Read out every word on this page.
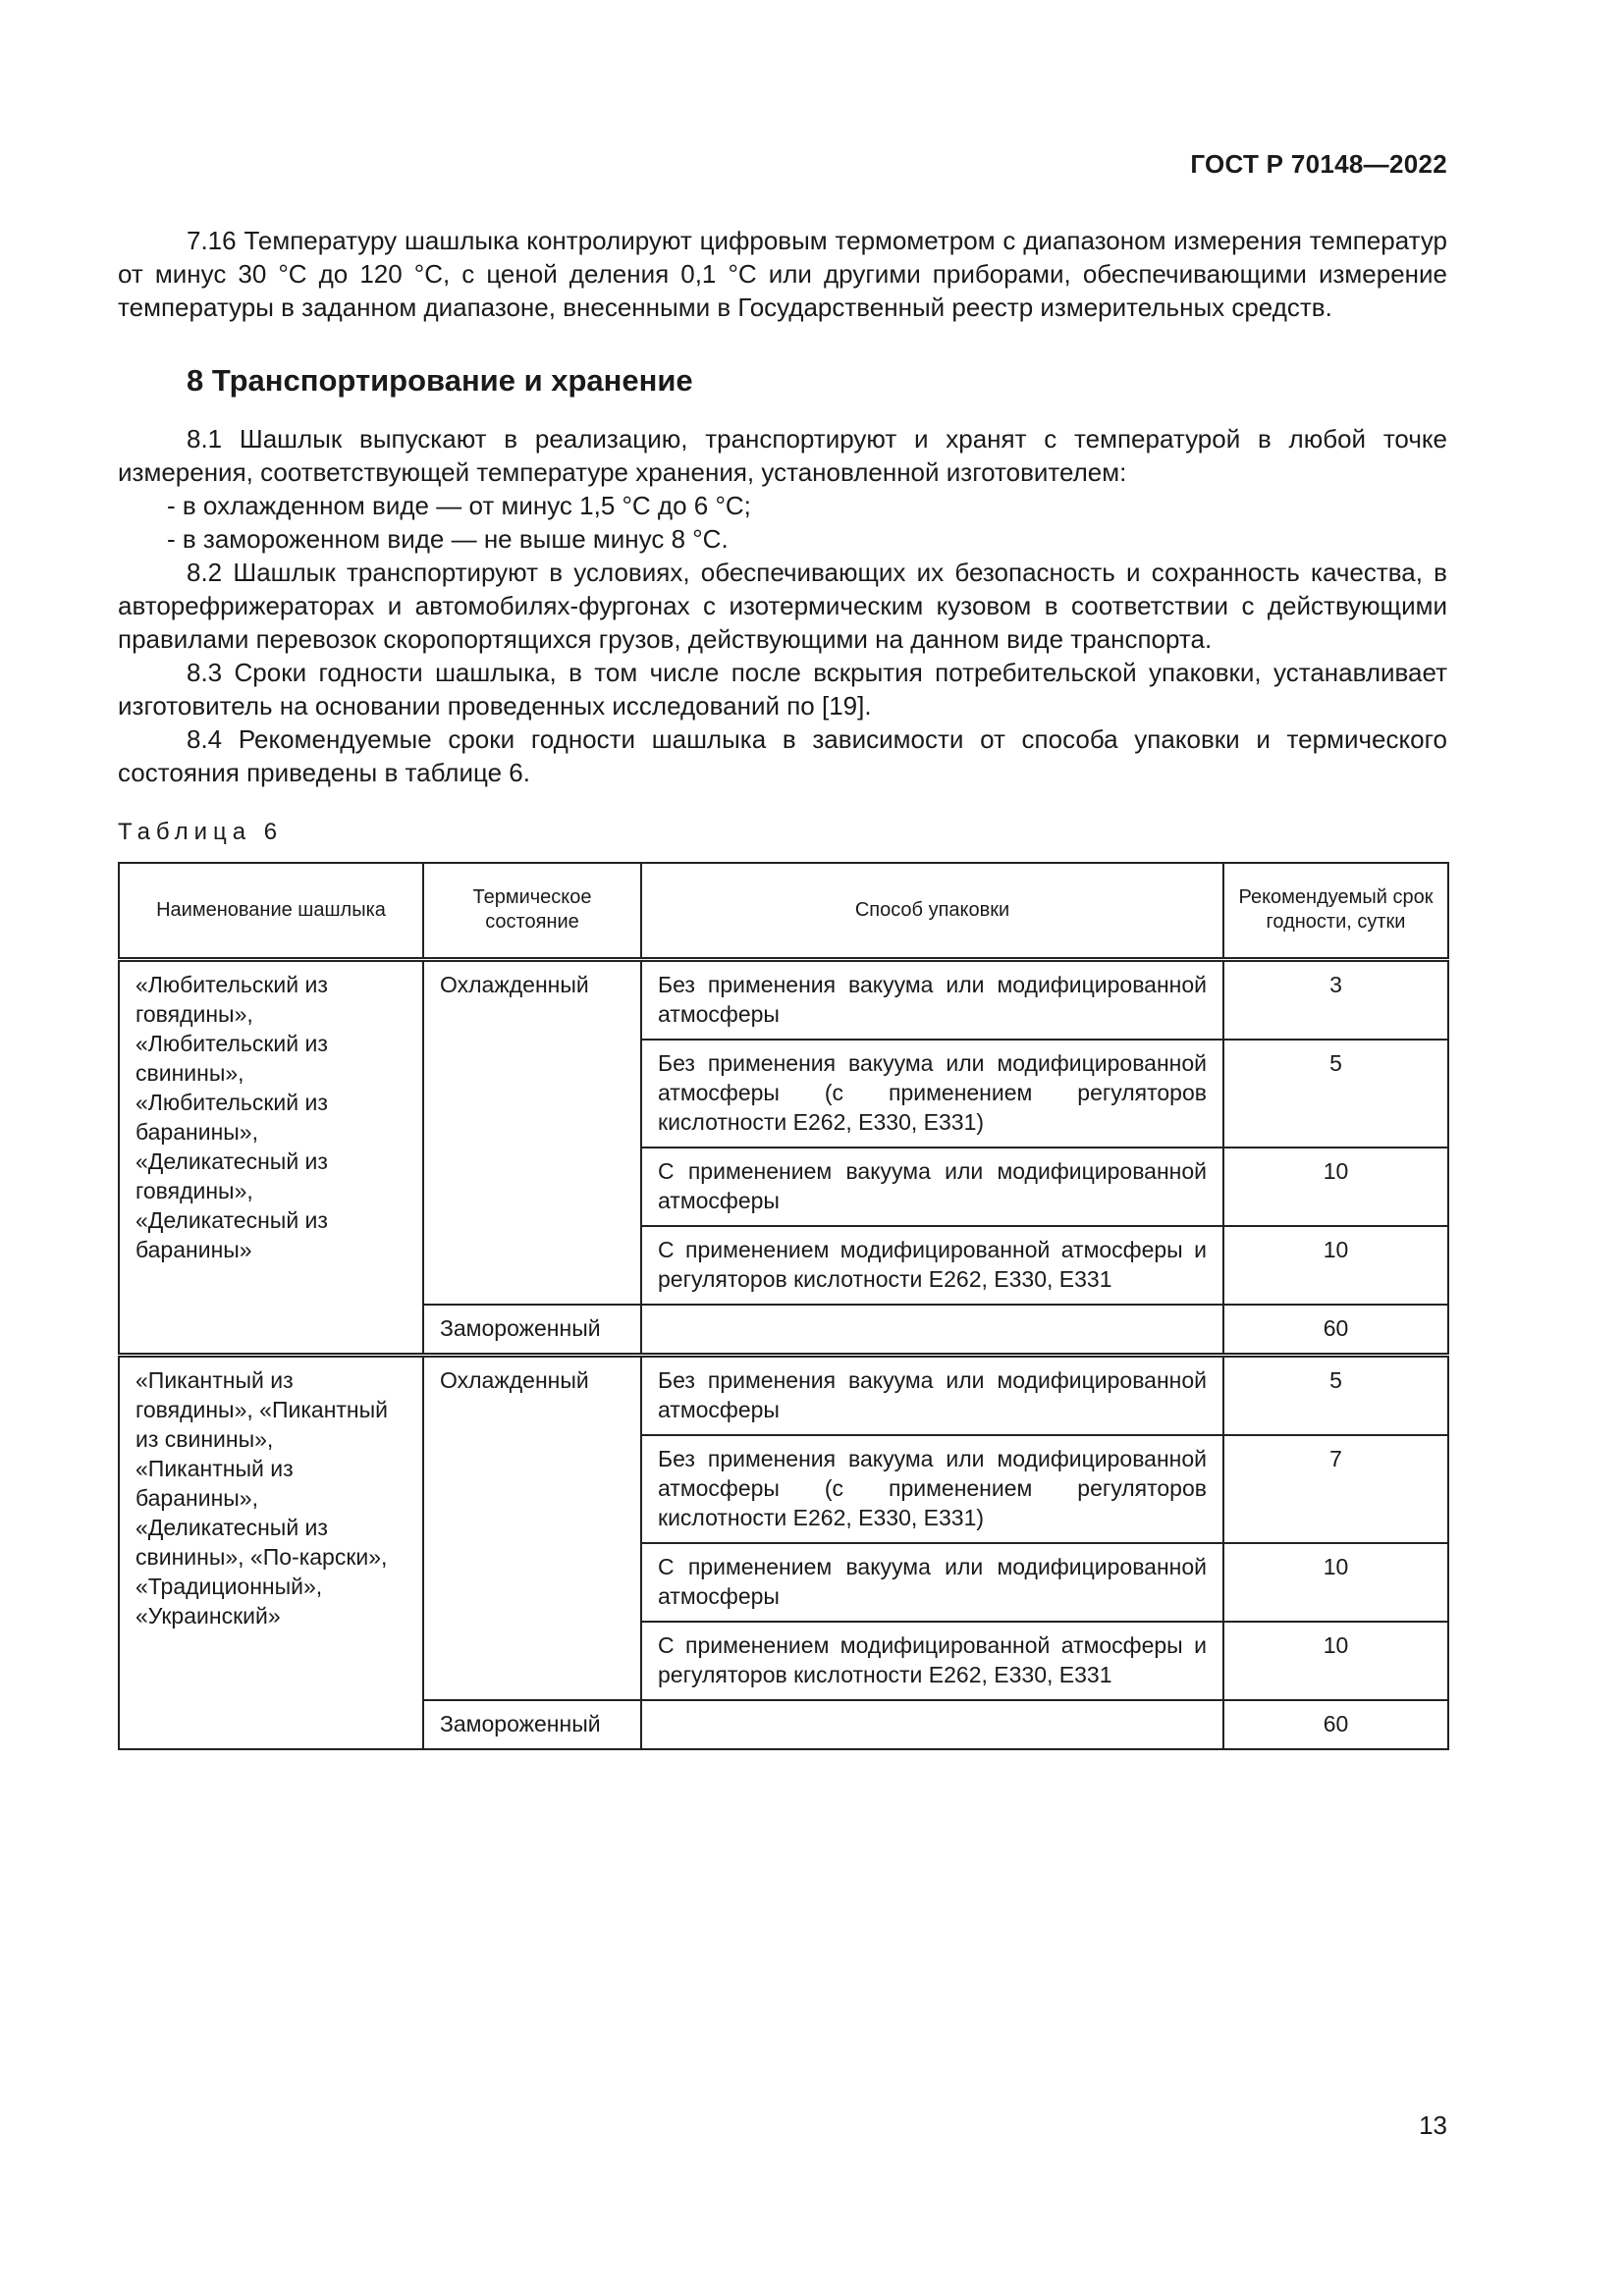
ГОСТ Р 70148—2022

7.16 Температуру шашлыка контролируют цифровым термометром с диапазоном измерения температур от минус 30 °С до 120 °С, с ценой деления 0,1 °С или другими приборами, обеспечивающими измерение температуры в заданном диапазоне, внесенными в Государственный реестр измерительных средств.

8 Транспортирование и хранение

8.1 Шашлык выпускают в реализацию, транспортируют и хранят с температурой в любой точке измерения, соответствующей температуре хранения, установленной изготовителем:

- в охлажденном виде — от минус 1,5 °С до 6 °С;

- в замороженном виде — не выше минус 8 °С.

8.2 Шашлык транспортируют в условиях, обеспечивающих их безопасность и сохранность качества, в авторефрижераторах и автомобилях-фургонах с изотермическим кузовом в соответствии с действующими правилами перевозок скоропортящихся грузов, действующими на данном виде транспорта.

8.3 Сроки годности шашлыка, в том числе после вскрытия потребительской упаковки, устанавливает изготовитель на основании проведенных исследований по [19].

8.4 Рекомендуемые сроки годности шашлыка в зависимости от способа упаковки и термического состояния приведены в таблице 6.

Таблица 6
Наименование шашлыка	Термическое состояние	Способ упаковки	Рекомендуемый срок годности, сутки
«Любительский из говядины», «Любительский из свинины», «Любительский из баранины», «Деликатесный из говядины», «Деликатесный из баранины»	Охлажденный	Без применения вакуума или модифицированной атмосферы	3
		Без применения вакуума или модифицированной атмосферы (с применением регуляторов кислотности Е262, Е330, Е331)	5
		С применением вакуума или модифицированной атмосферы	10
		С применением модифицированной атмосферы и регуляторов кислотности Е262, Е330, Е331	10
	Замороженный		60
«Пикантный из говядины», «Пикантный из свинины», «Пикантный из баранины», «Деликатесный из свинины», «По-карски», «Традиционный», «Украинский»	Охлажденный	Без применения вакуума или модифицированной атмосферы	5
		Без применения вакуума или модифицированной атмосферы (с применением регуляторов кислотности Е262, Е330, Е331)	7
		С применением вакуума или модифицированной атмосферы	10
		С применением модифицированной атмосферы и регуляторов кислотности Е262, Е330, Е331	10
	Замороженный		60
13
